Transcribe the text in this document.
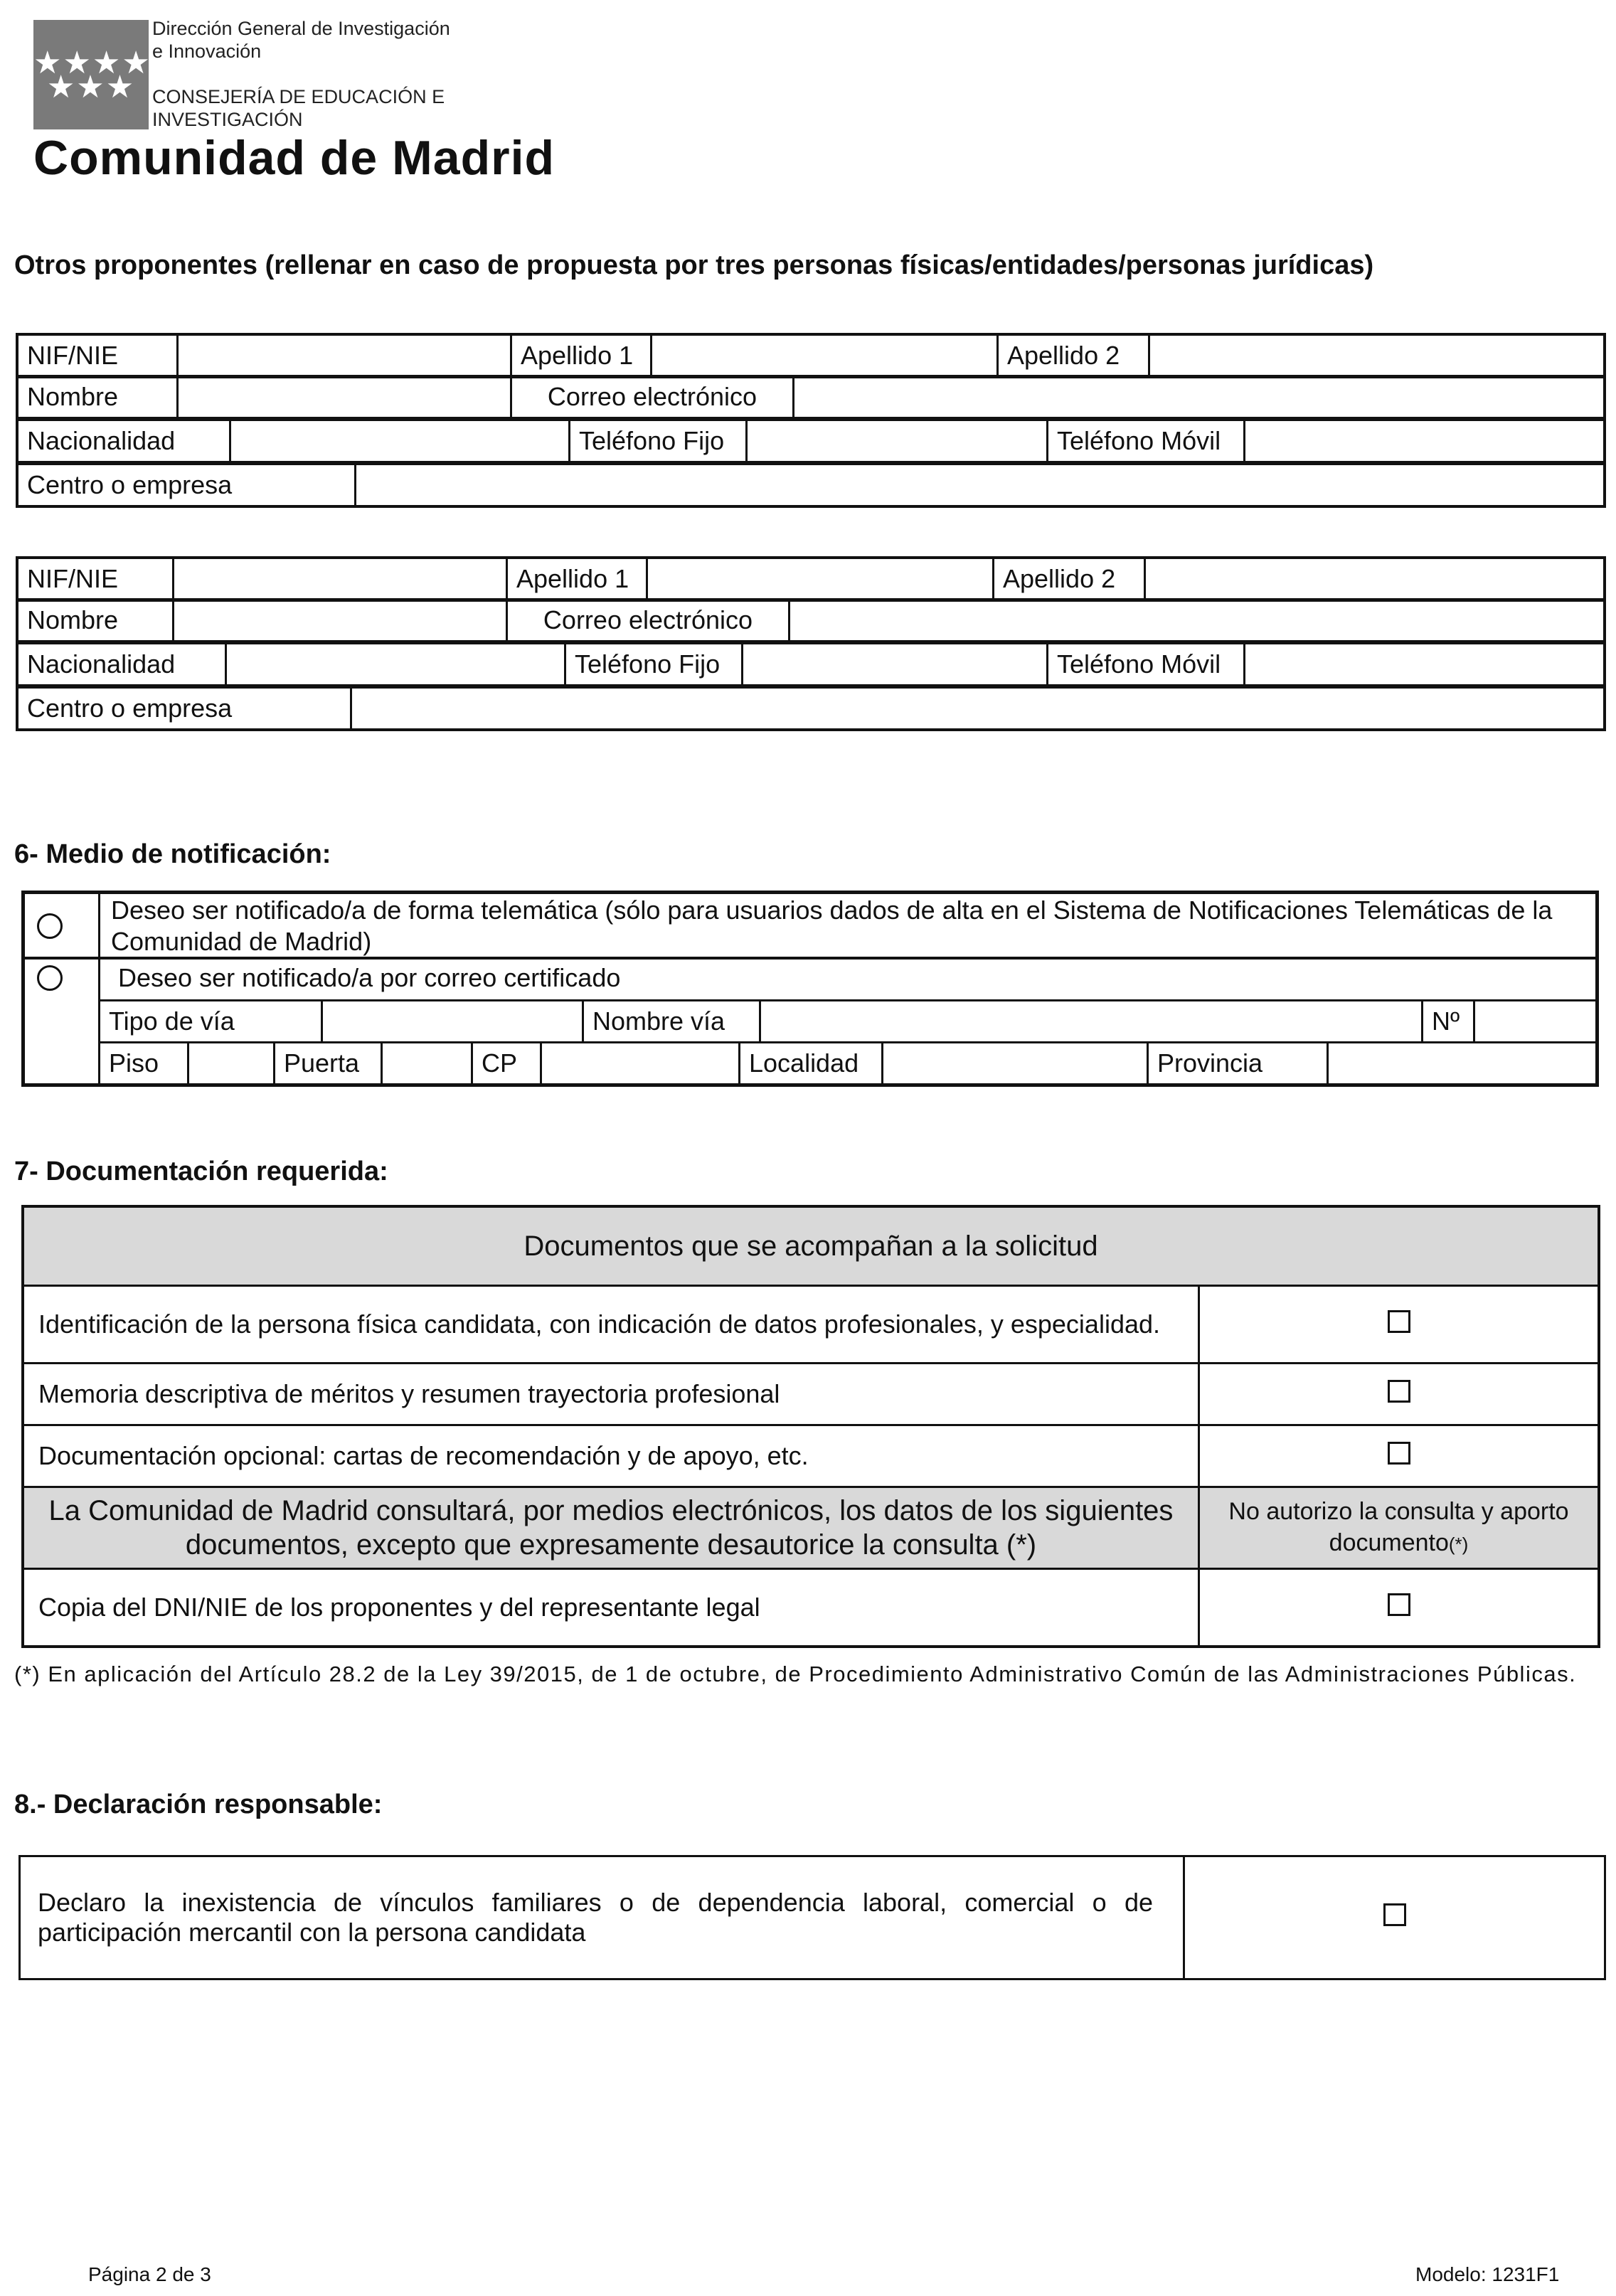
★★★★ ★★★
Dirección General de Investigación
e Innovación
CONSEJERÍA DE EDUCACIÓN E
INVESTIGACIÓN
Comunidad de Madrid
Otros proponentes (rellenar en caso de propuesta por tres personas físicas/entidades/personas jurídicas)
NIF/NIE		Apellido 1		Apellido 2	
Nombre		Correo electrónico	
Nacionalidad		Teléfono Fijo		Teléfono Móvil	
Centro o empresa	
NIF/NIE		Apellido 1		Apellido 2	
Nombre		Correo electrónico	
Nacionalidad		Teléfono Fijo		Teléfono Móvil	
Centro o empresa	
6- Medio de notificación:
Deseo ser notificado/a de forma telemática (sólo para usuarios dados de alta en el Sistema de Notificaciones Telemáticas de la Comunidad de Madrid)
Deseo ser notificado/a por correo certificado
Tipo de vía		Nombre vía		Nº	
Piso		Puerta		CP		Localidad		Provincia	
7- Documentación requerida:
Documentos que se acompañan a la solicitud	
Identificación de la persona física candidata, con indicación de datos profesionales, y especialidad.	
Memoria descriptiva de méritos y resumen trayectoria profesional	
Documentación opcional: cartas de recomendación y de apoyo, etc.	
La Comunidad de Madrid consultará, por medios electrónicos, los datos de los siguientes documentos, excepto que expresamente desautorice la consulta (*)	No autorizo la consulta y aporto documento(*)
Copia del DNI/NIE de los proponentes y del representante legal	
(*) En aplicación del Artículo 28.2 de la Ley 39/2015, de 1 de octubre, de Procedimiento Administrativo Común de las Administraciones Públicas.
8.- Declaración responsable:
Declaro la inexistencia de vínculos familiares o de dependencia laboral, comercial o de participación mercantil con la persona candidata	
Página 2 de 3	Modelo: 1231F1
